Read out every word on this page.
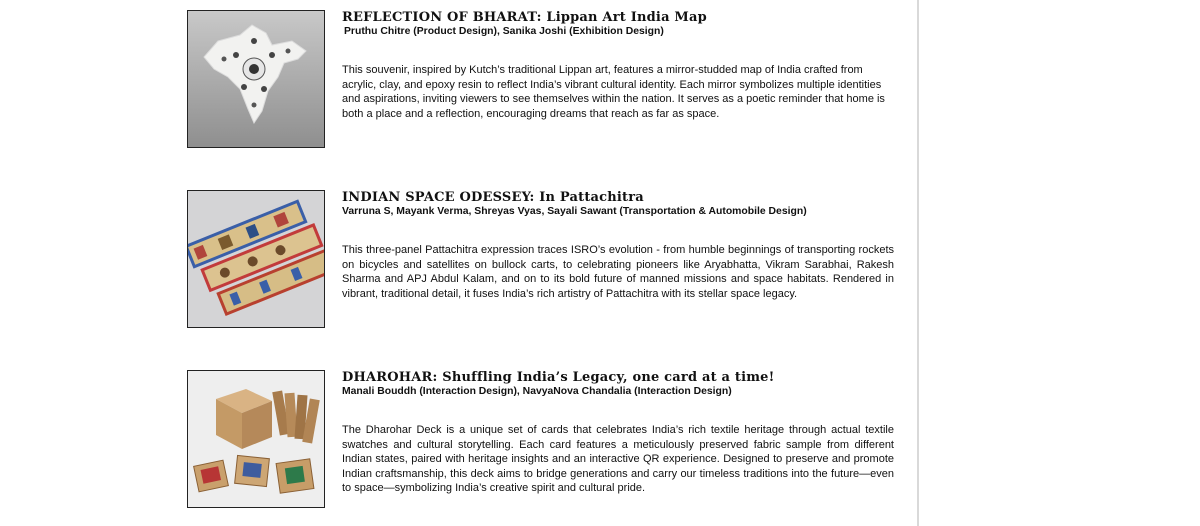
REFLECTION OF BHARAT: Lippan Art India Map
Pruthu Chitre (Product Design), Sanika Joshi (Exhibition Design)

This souvenir, inspired by Kutch’s traditional Lippan art, features a mirror-studded map of India crafted from acrylic, clay, and epoxy resin to reflect India’s vibrant cultural identity. Each mirror symbolizes multiple identities and aspirations, inviting viewers to see themselves within the nation. It serves as a poetic reminder that home is both a place and a reflection, encouraging dreams that reach as far as space.

INDIAN SPACE ODESSEY: In Pattachitra
Varruna S, Mayank Verma, Shreyas Vyas, Sayali Sawant (Transportation & Automobile Design)

This three-panel Pattachitra expression traces ISRO’s evolution - from humble beginnings of transporting rockets on bicycles and satellites on bullock carts, to celebrating pioneers like Aryabhatta, Vikram Sarabhai, Rakesh Sharma and APJ Abdul Kalam, and on to its bold future of manned missions and space habitats. Rendered in vibrant, traditional detail, it fuses India’s rich artistry of Pattachitra with its stellar space legacy.

DHAROHAR: Shuffling India’s Legacy, one card at a time!
Manali Bouddh (Interaction Design), NavyaNova Chandalia (Interaction Design)

The Dharohar Deck is a unique set of cards that celebrates India’s rich textile heritage through actual textile swatches and cultural storytelling. Each card features a meticulously preserved fabric sample from different Indian states, paired with heritage insights and an interactive QR experience. Designed to preserve and promote Indian craftsmanship, this deck aims to bridge generations and carry our timeless traditions into the future—even to space—symbolizing India’s creative spirit and cultural pride.
